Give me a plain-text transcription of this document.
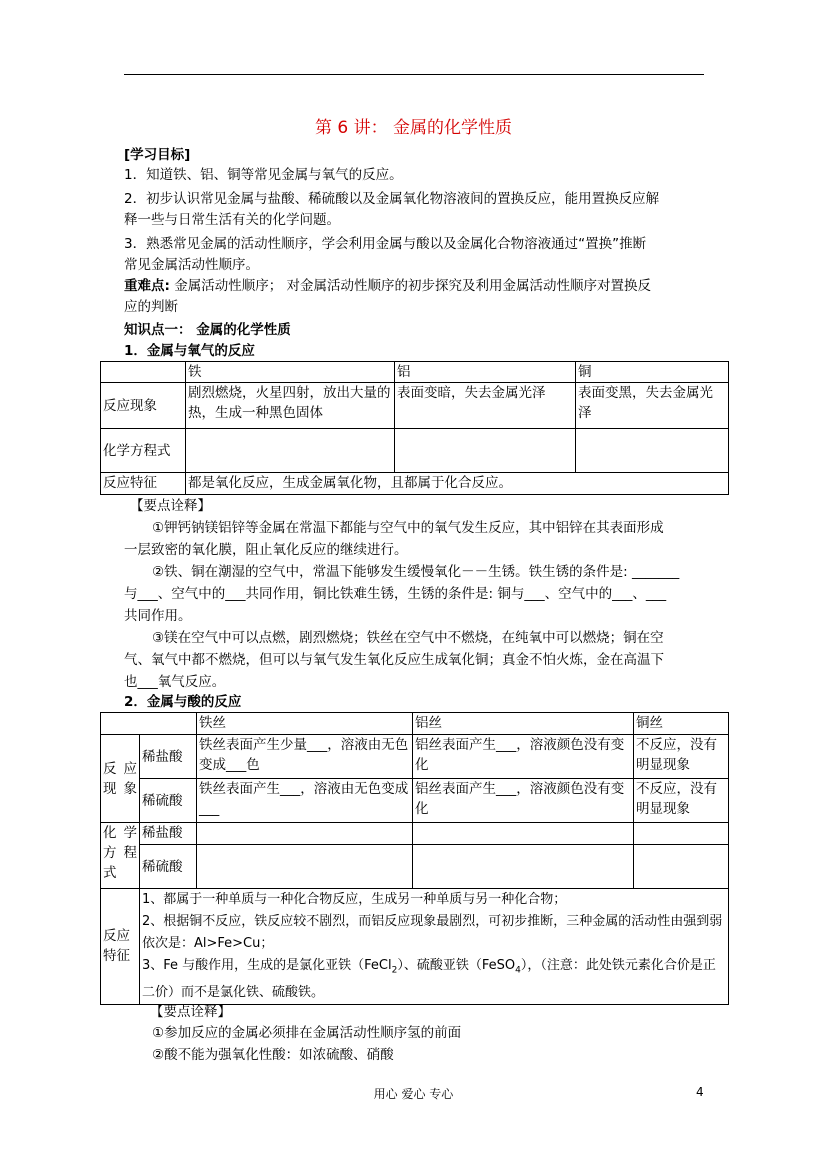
第 6 讲： 金属的化学性质
[学习目标]
1．知道铁、铝、铜等常见金属与氧气的反应。
2．初步认识常见金属与盐酸、稀硫酸以及金属氧化物溶液间的置换反应，能用置换反应解
释一些与日常生活有关的化学问题。
3．熟悉常见金属的活动性顺序，学会利用金属与酸以及金属化合物溶液通过“置换”推断
常见金属活动性顺序。
重难点: 金属活动性顺序； 对金属活动性顺序的初步探究及利用金属活动性顺序对置换反
应的判断
知识点一： 金属的化学性质
1．金属与氧气的反应
	铁	铝	铜
反应现象	剧烈燃烧，火星四射，放出大量的热，生成一种黑色固体	表面变暗，失去金属光泽	表面变黑，失去金属光泽
化学方程式			
反应特征	都是氧化反应，生成金属氧化物，且都属于化合反应。		
【要点诠释】
①钾钙钠镁铝锌等金属在常温下都能与空气中的氧气发生反应，其中铝锌在其表面形成
一层致密的氧化膜，阻止氧化反应的继续进行。
②铁、铜在潮湿的空气中，常温下能够发生缓慢氧化－－生锈。铁生锈的条件是: _______
与___、空气中的___共同作用，铜比铁难生锈，生锈的条件是: 铜与___、空气中的___、___
共同作用。
③镁在空气中可以点燃，剧烈燃烧；铁丝在空气中不燃烧，在纯氧中可以燃烧；铜在空
气、氧气中都不燃烧，但可以与氧气发生氧化反应生成氧化铜；真金不怕火炼，金在高温下
也___氧气反应。
2．金属与酸的反应
		铁丝	铝丝	铜丝
反 应现象	稀盐酸	铁丝表面产生少量___，溶液由无色变成___色	铝丝表面产生___，溶液颜色没有变化	不反应，没有明显现象
	稀硫酸	铁丝表面产生___，溶液由无色变成___	铝丝表面产生___，溶液颜色没有变化	不反应，没有明显现象
化 学方 程式	稀盐酸			
	稀硫酸			
反应特征	1、都属于一种单质与一种化合物反应，生成另一种单质与另一种化合物；
2、根据铜不反应，铁反应较不剧烈，而铝反应现象最剧烈，可初步推断，三种金属的活动性由强到弱依次是：Al>Fe>Cu；
3、Fe 与酸作用，生成的是氯化亚铁（FeCl$_2$）、硫酸亚铁（FeSO$_4$），（注意：此处铁元素化合价是正二价）而不是氯化铁、硫酸铁。			
【要点诠释】
①参加反应的金属必须排在金属活动性顺序氢的前面
②酸不能为强氧化性酸：如浓硫酸、硝酸
用心 爱心 专心	4
